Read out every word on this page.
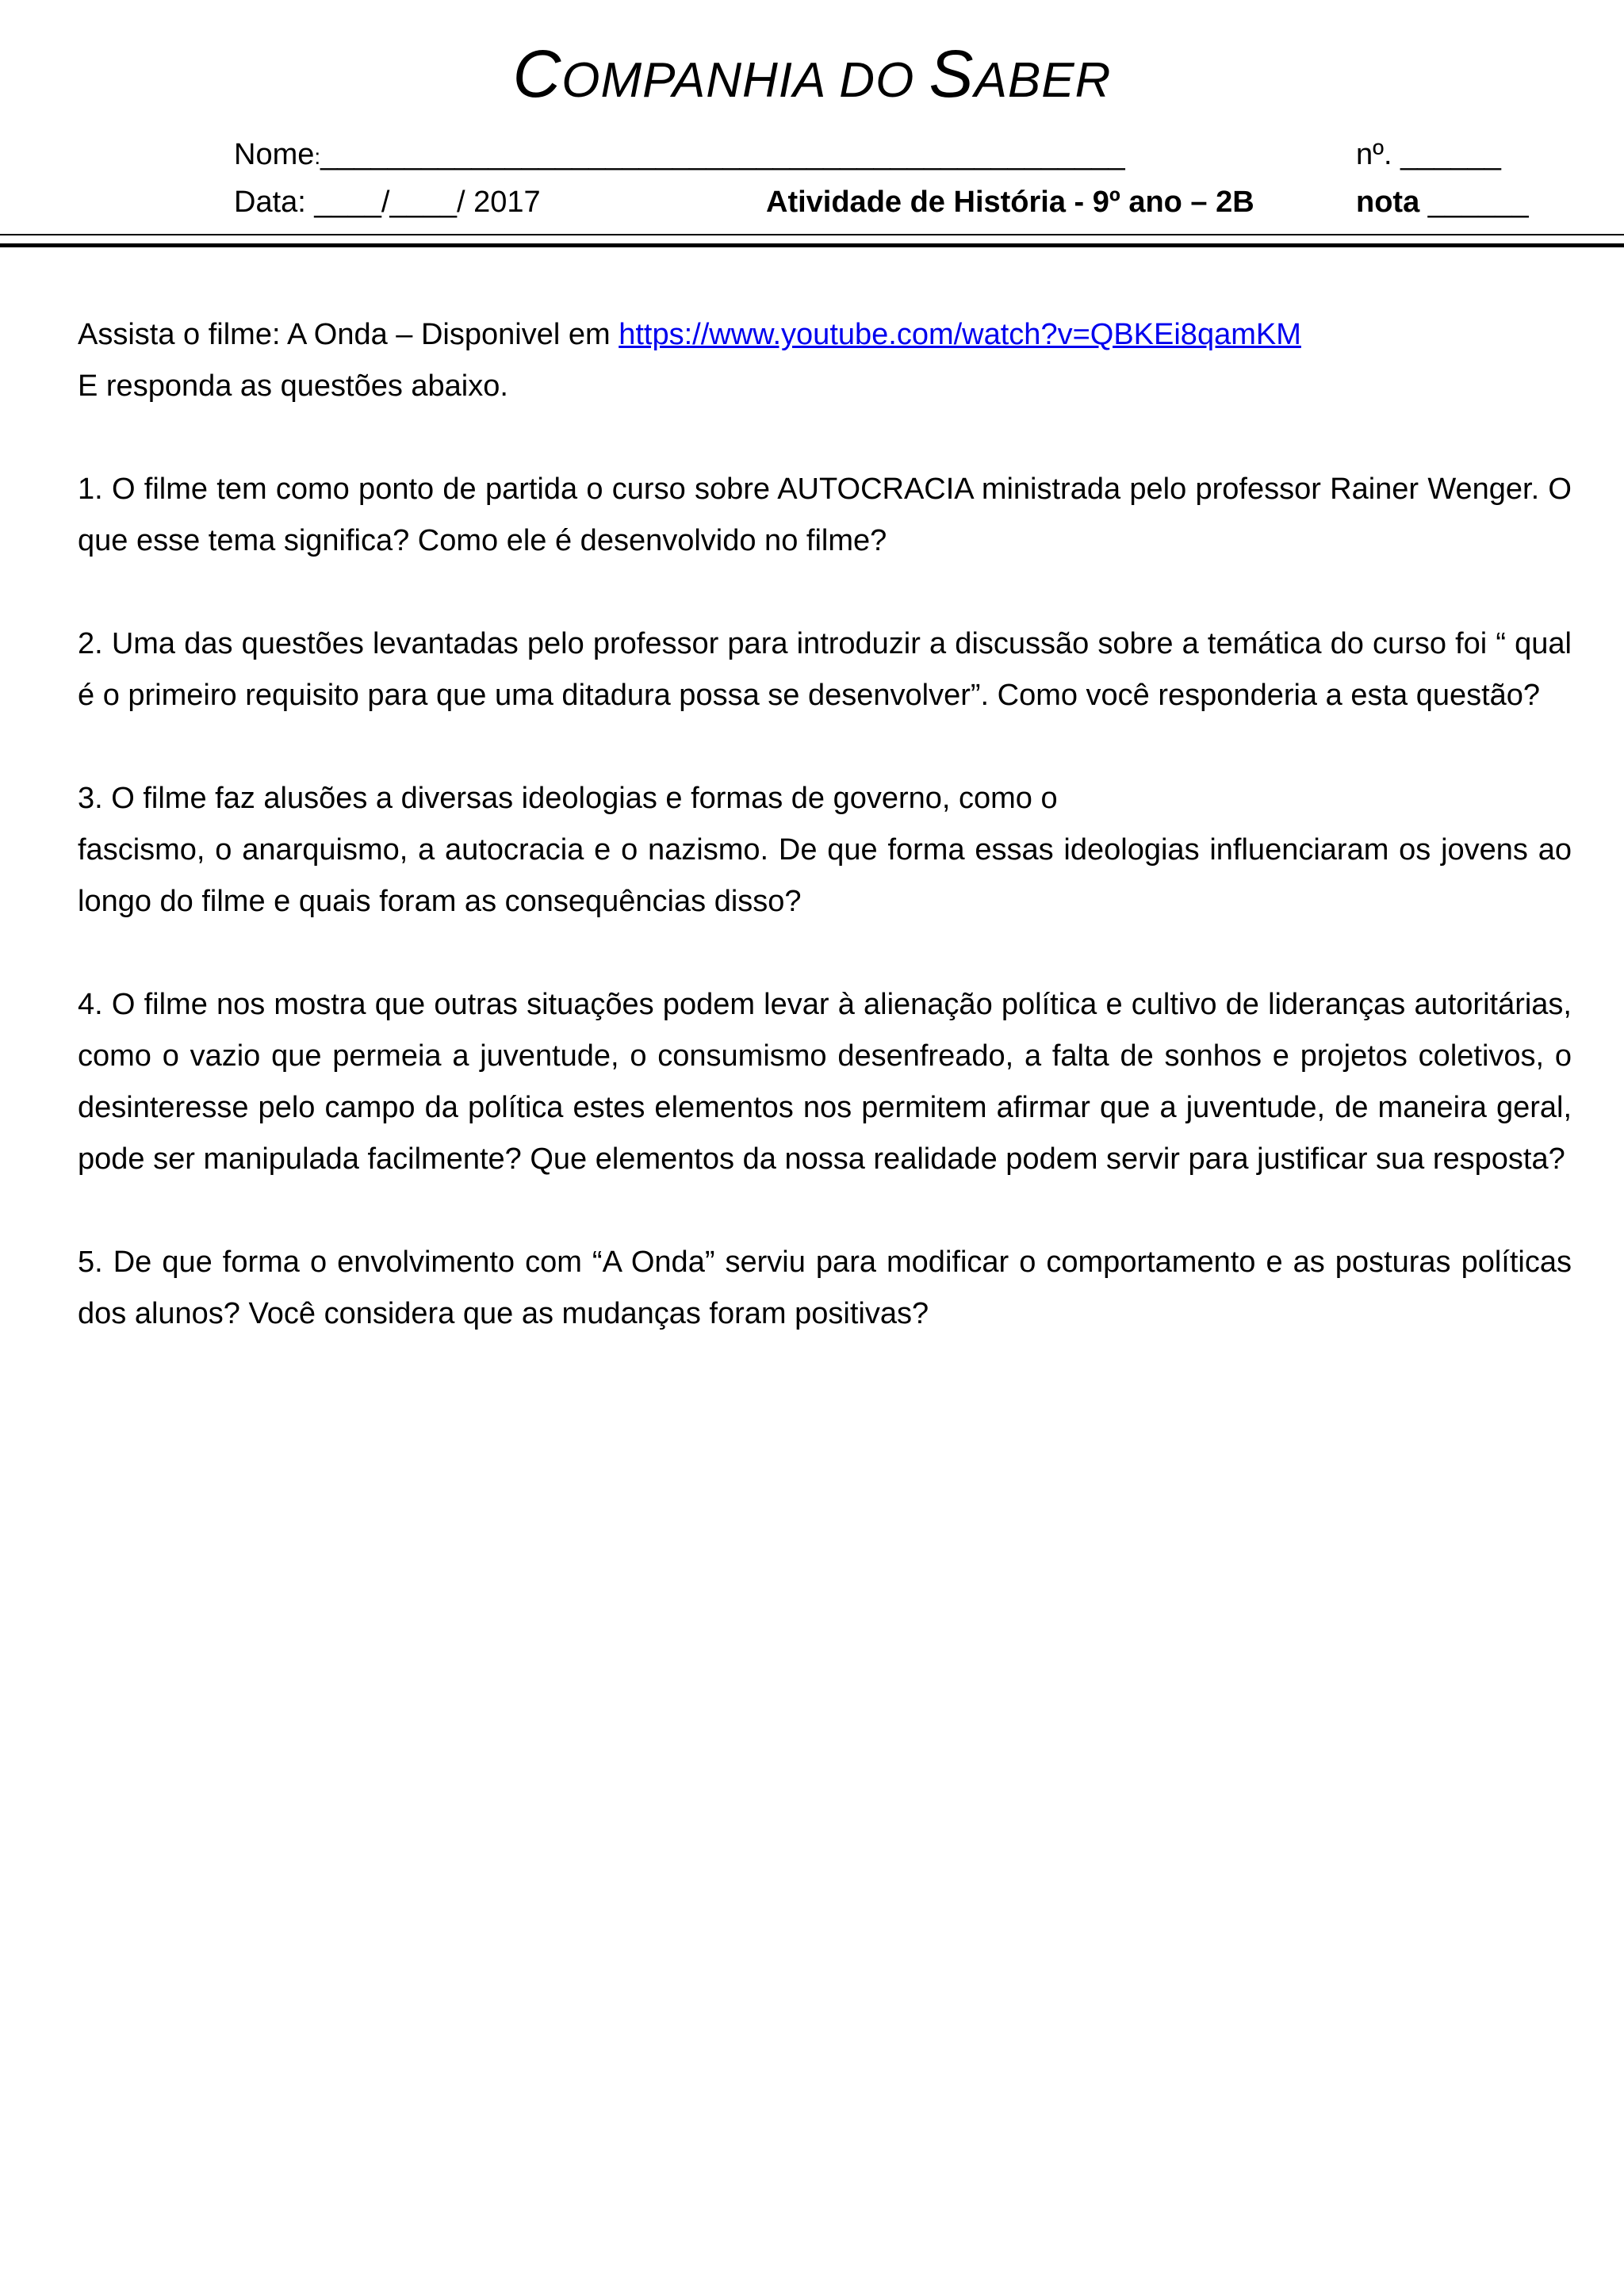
COMPANHIA DO SABER
Nome:________________________________________________	nº. ______
Data: ____/____/ 2017	Atividade de História - 9º ano – 2B	nota ______

Assista o filme: A Onda – Disponivel em https://www.youtube.com/watch?v=QBKEi8qamKM

E responda as questões abaixo.

1. O filme tem como ponto de partida o curso sobre AUTOCRACIA ministrada pelo professor Rainer Wenger. O que esse tema significa? Como ele é desenvolvido no filme?

2. Uma das questões levantadas pelo professor para introduzir a discussão sobre a temática do curso foi “ qual é o primeiro requisito para que uma ditadura possa se desenvolver”. Como você responderia a esta questão?

3. O filme faz alusões a diversas ideologias e formas de governo, como o

fascismo, o anarquismo, a autocracia e o nazismo. De que forma essas ideologias influenciaram os jovens ao longo do filme e quais foram as consequências disso?

4. O filme nos mostra que outras situações podem levar à alienação política e cultivo de lideranças autoritárias, como o vazio que permeia a juventude, o consumismo desenfreado, a falta de sonhos e projetos coletivos, o desinteresse pelo campo da política estes elementos nos permitem afirmar que a juventude, de maneira geral, pode ser manipulada facilmente? Que elementos da nossa realidade podem servir para justificar sua resposta?

5. De que forma o envolvimento com “A Onda” serviu para modificar o comportamento e as posturas políticas dos alunos? Você considera que as mudanças foram positivas?
